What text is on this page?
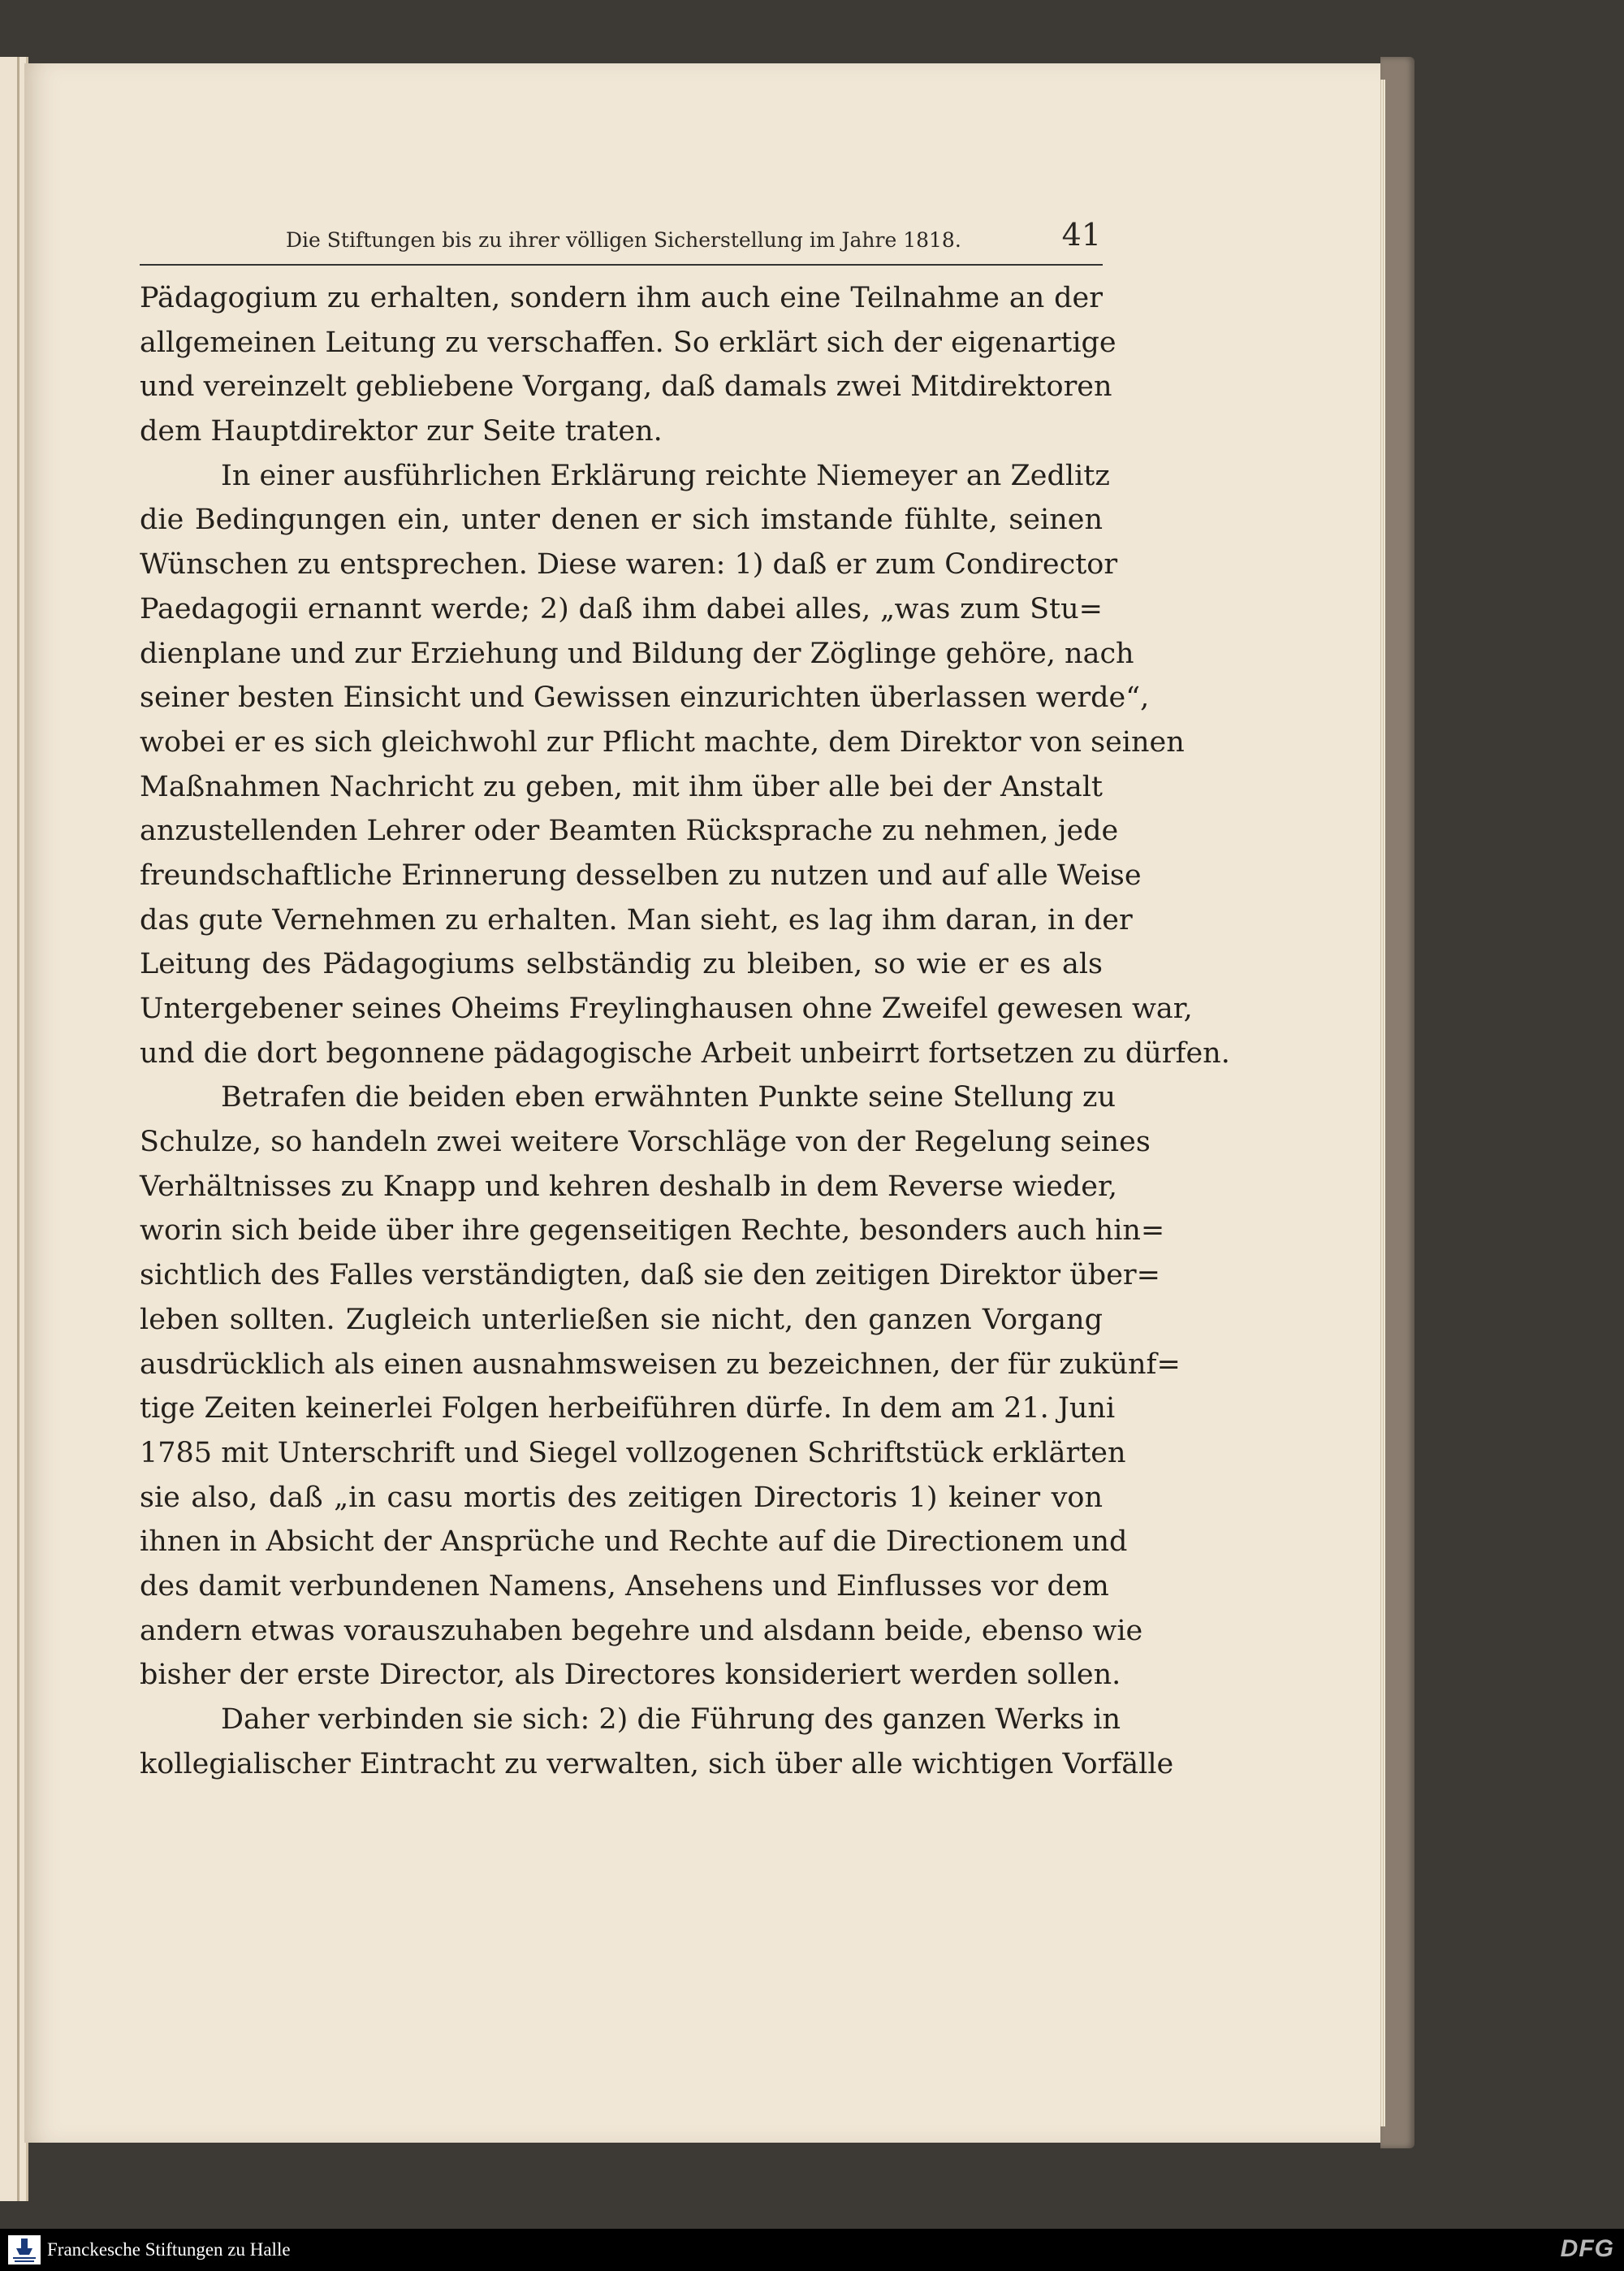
Die Stiftungen bis zu ihrer völligen Sicherstellung im Jahre 1818.	41
Pädagogium zu erhalten, sondern ihm auch eine Teilnahme an der
allgemeinen Leitung zu verschaffen. So erklärt sich der eigenartige
und vereinzelt gebliebene Vorgang, daß damals zwei Mitdirektoren
dem Hauptdirektor zur Seite traten.
In einer ausführlichen Erklärung reichte Niemeyer an Zedlitz
die Bedingungen ein, unter denen er sich imstande fühlte, seinen
Wünschen zu entsprechen. Diese waren: 1) daß er zum Condirector
Paedagogii ernannt werde; 2) daß ihm dabei alles, „was zum Stu=
dienplane und zur Erziehung und Bildung der Zöglinge gehöre, nach
seiner besten Einsicht und Gewissen einzurichten überlassen werde“,
wobei er es sich gleichwohl zur Pflicht machte, dem Direktor von seinen
Maßnahmen Nachricht zu geben, mit ihm über alle bei der Anstalt
anzustellenden Lehrer oder Beamten Rücksprache zu nehmen, jede
freundschaftliche Erinnerung desselben zu nutzen und auf alle Weise
das gute Vernehmen zu erhalten. Man sieht, es lag ihm daran, in der
Leitung des Pädagogiums selbständig zu bleiben, so wie er es als
Untergebener seines Oheims Freylinghausen ohne Zweifel gewesen war,
und die dort begonnene pädagogische Arbeit unbeirrt fortsetzen zu dürfen.
Betrafen die beiden eben erwähnten Punkte seine Stellung zu
Schulze, so handeln zwei weitere Vorschläge von der Regelung seines
Verhältnisses zu Knapp und kehren deshalb in dem Reverse wieder,
worin sich beide über ihre gegenseitigen Rechte, besonders auch hin=
sichtlich des Falles verständigten, daß sie den zeitigen Direktor über=
leben sollten. Zugleich unterließen sie nicht, den ganzen Vorgang
ausdrücklich als einen ausnahmsweisen zu bezeichnen, der für zukünf=
tige Zeiten keinerlei Folgen herbeiführen dürfe. In dem am 21. Juni
1785 mit Unterschrift und Siegel vollzogenen Schriftstück erklärten
sie also, daß „in casu mortis des zeitigen Directoris 1) keiner von
ihnen in Absicht der Ansprüche und Rechte auf die Directionem und
des damit verbundenen Namens, Ansehens und Einflusses vor dem
andern etwas vorauszuhaben begehre und alsdann beide, ebenso wie
bisher der erste Director, als Directores konsideriert werden sollen.
Daher verbinden sie sich: 2) die Führung des ganzen Werks in
kollegialischer Eintracht zu verwalten, sich über alle wichtigen Vorfälle
Franckesche Stiftungen zu Halle	DFG
